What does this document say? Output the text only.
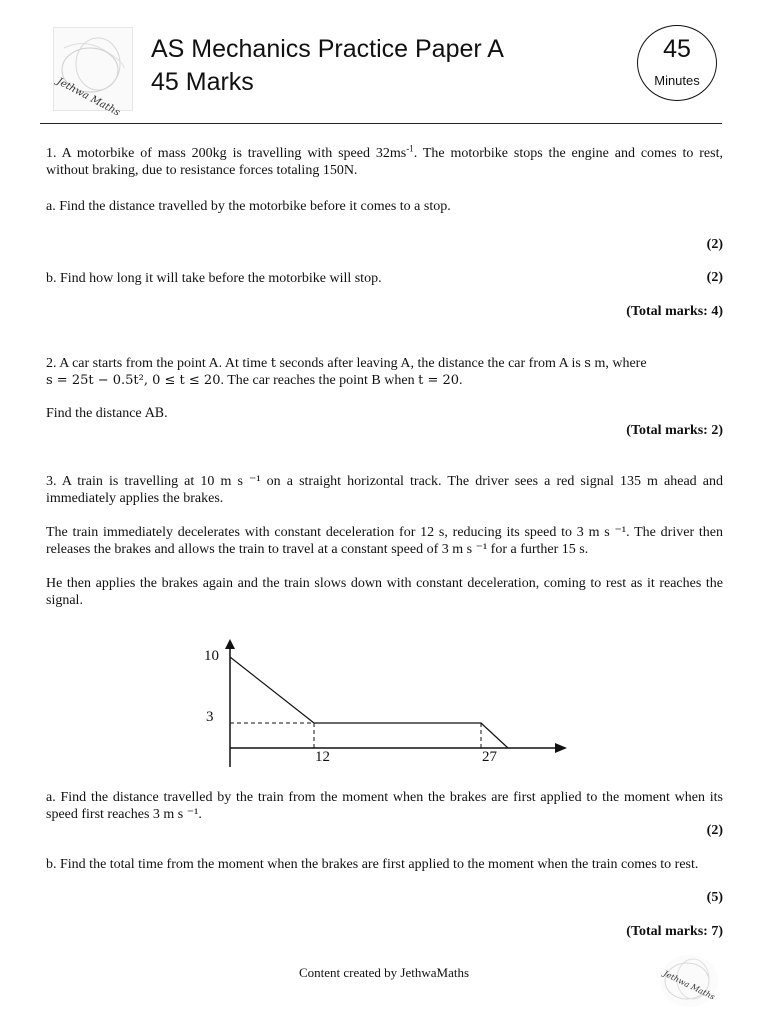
Jethwa Maths
AS Mechanics Practice Paper A
45 Marks
45
Minutes
1. A motorbike of mass 200kg is travelling with speed $32ms^{-1}$. The motorbike stops the engine and comes to rest, without braking, due to resistance forces totaling 150N.
a. Find the distance travelled by the motorbike before it comes to a stop.
(2)
b. Find how long it will take before the motorbike will stop.	(2)
(Total marks: 4)
2. A car starts from the point A. At time t seconds after leaving A, the distance the car from A is s m, where
s = 25t − 0.5t², 0 ≤ t ≤ 20. The car reaches the point B when t = 20.
Find the distance AB.
(Total marks: 2)
3. A train is travelling at 10 m s ⁻¹ on a straight horizontal track. The driver sees a red signal 135 m ahead and immediately applies the brakes.
The train immediately decelerates with constant deceleration for 12 s, reducing its speed to 3 m s ⁻¹. The driver then releases the brakes and allows the train to travel at a constant speed of 3 m s ⁻¹ for a further 15 s.
He then applies the brakes again and the train slows down with constant deceleration, coming to rest as it reaches the signal.
10
3
12	27
a. Find the distance travelled by the train from the moment when the brakes are first applied to the moment when its speed first reaches 3 m s ⁻¹.
(2)
b. Find the total time from the moment when the brakes are first applied to the moment when the train comes to rest.
(5)
(Total marks: 7)
Content created by JethwaMaths	Jethwa Maths
